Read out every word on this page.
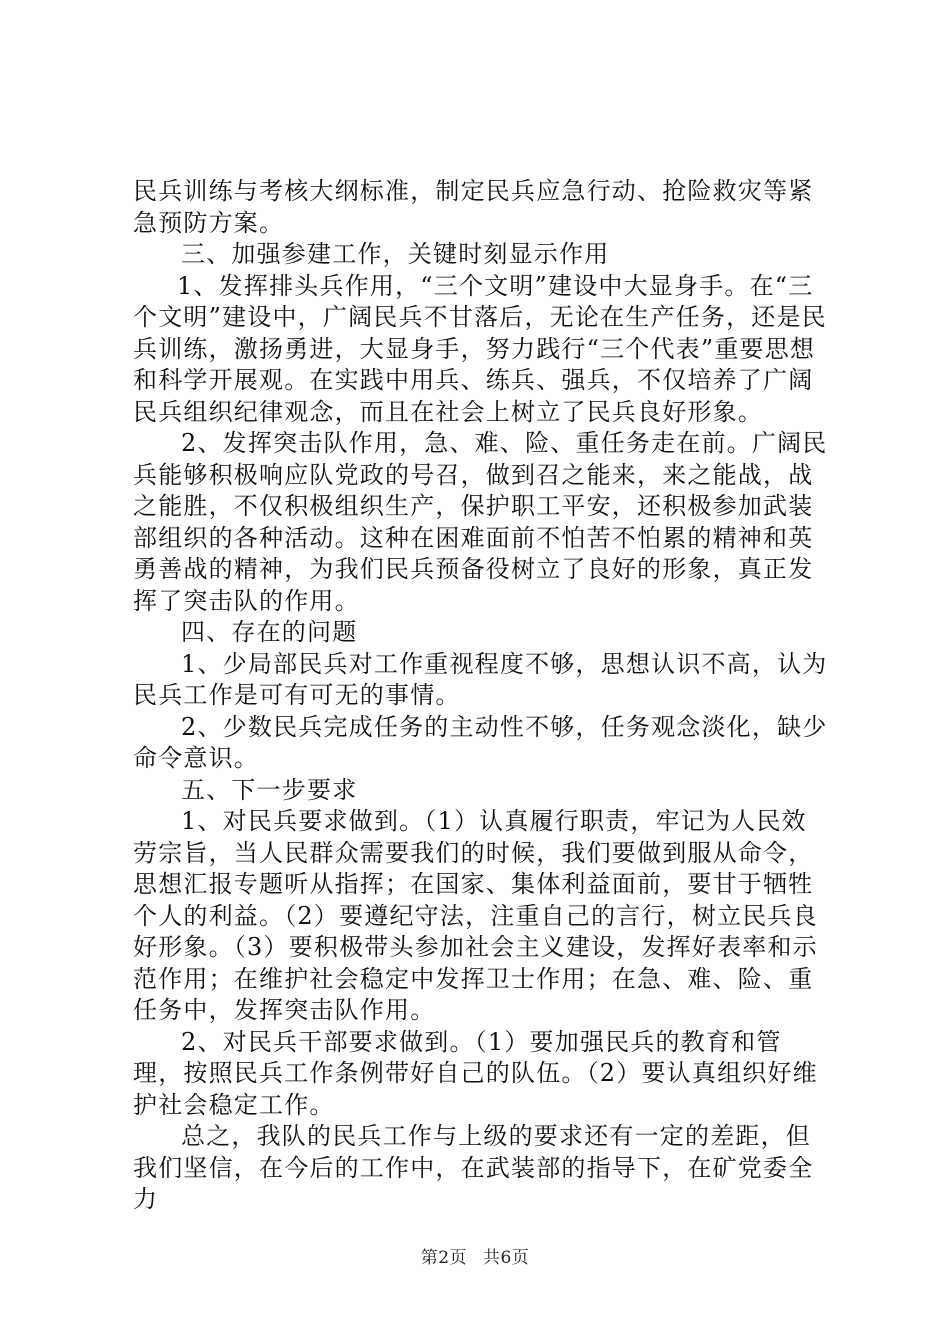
民兵训练与考核大纲标准，制定民兵应急行动、抢险救灾等紧急预防方案。

三、加强参建工作，关键时刻显示作用

1、发挥排头兵作用，“三个文明”建设中大显身手。在“三个文明”建设中，广阔民兵不甘落后，无论在生产任务，还是民兵训练，激扬勇进，大显身手，努力践行“三个代表”重要思想和科学开展观。在实践中用兵、练兵、强兵，不仅培养了广阔民兵组织纪律观念，而且在社会上树立了民兵良好形象。

2、发挥突击队作用，急、难、险、重任务走在前。广阔民兵能够积极响应队党政的号召，做到召之能来，来之能战，战之能胜，不仅积极组织生产，保护职工平安，还积极参加武装部组织的各种活动。这种在困难面前不怕苦不怕累的精神和英勇善战的精神，为我们民兵预备役树立了良好的形象，真正发挥了突击队的作用。

四、存在的问题

1、少局部民兵对工作重视程度不够，思想认识不高，认为民兵工作是可有可无的事情。

2、少数民兵完成任务的主动性不够，任务观念淡化，缺少命令意识。

五、下一步要求

1、对民兵要求做到。（1）认真履行职责，牢记为人民效劳宗旨，当人民群众需要我们的时候，我们要做到服从命令，思想汇报专题听从指挥；在国家、集体利益面前，要甘于牺牲个人的利益。（2）要遵纪守法，注重自己的言行，树立民兵良好形象。（3）要积极带头参加社会主义建设，发挥好表率和示范作用；在维护社会稳定中发挥卫士作用；在急、难、险、重任务中，发挥突击队作用。

2、对民兵干部要求做到。（1）要加强民兵的教育和管理，按照民兵工作条例带好自己的队伍。（2）要认真组织好维护社会稳定工作。

总之，我队的民兵工作与上级的要求还有一定的差距，但我们坚信，在今后的工作中，在武装部的指导下，在矿党委全力

第2页 共6页
